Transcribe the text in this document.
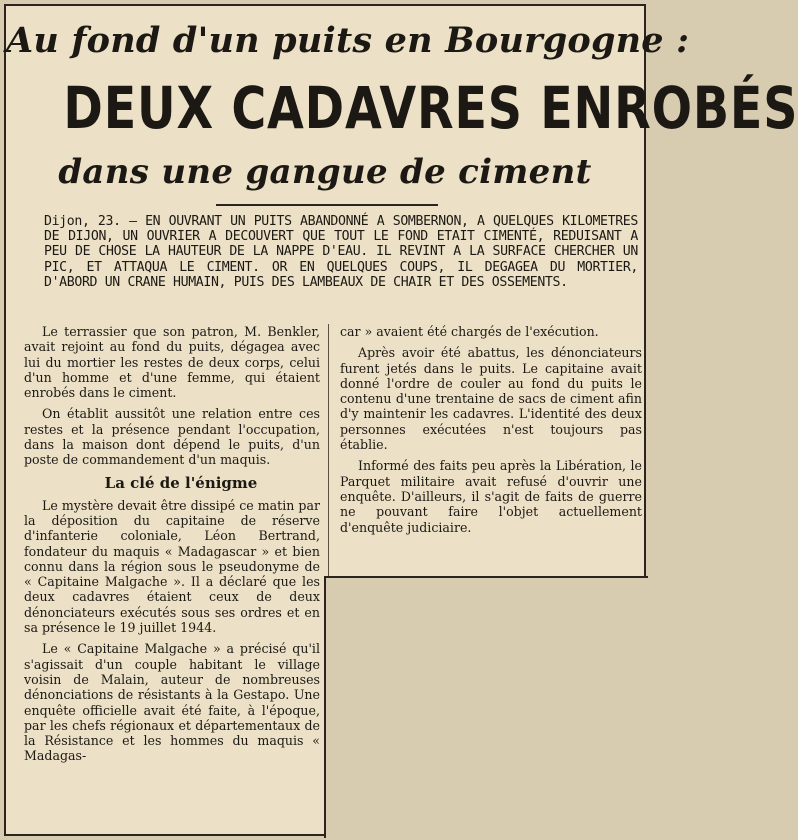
Au fond d'un puits en Bourgogne :
DEUX CADAVRES ENROBÉS
dans une gangue de ciment
Dijon, 23. — EN OUVRANT UN PUITS ABANDONNÉ A SOMBERNON, A QUELQUES KILOMETRES DE DIJON, UN OUVRIER A DECOUVERT QUE TOUT LE FOND ETAIT CIMENTÉ, REDUISANT A PEU DE CHOSE LA HAUTEUR DE LA NAPPE D'EAU. IL REVINT A LA SURFACE CHERCHER UN PIC, ET ATTAQUA LE CIMENT. OR EN QUELQUES COUPS, IL DEGAGEA DU MORTIER, D'ABORD UN CRANE HUMAIN, PUIS DES LAMBEAUX DE CHAIR ET DES OSSEMENTS.

Le terrassier que son patron, M. Benkler, avait rejoint au fond du puits, dégagea avec lui du mortier les restes de deux corps, celui d'un homme et d'une femme, qui étaient enrobés dans le ciment.

On établit aussitôt une relation entre ces restes et la présence pendant l'occupation, dans la maison dont dépend le puits, d'un poste de commandement d'un maquis.

La clé de l'énigme

Le mystère devait être dissipé ce matin par la déposition du capitaine de réserve d'infanterie coloniale, Léon Bertrand, fondateur du maquis « Madagascar » et bien connu dans la région sous le pseudonyme de « Capitaine Malgache ». Il a déclaré que les deux cadavres étaient ceux de deux dénonciateurs exécutés sous ses ordres et en sa présence le 19 juillet 1944.

Le « Capitaine Malgache » a précisé qu'il s'agissait d'un couple habitant le village voisin de Malain, auteur de nombreuses dénonciations de résistants à la Gestapo. Une enquête officielle avait été faite, à l'époque, par les chefs régionaux et départementaux de la Résistance et les hommes du maquis « Madagas-

car » avaient été chargés de l'exécution.

Après avoir été abattus, les dénonciateurs furent jetés dans le puits. Le capitaine avait donné l'ordre de couler au fond du puits le contenu d'une trentaine de sacs de ciment afin d'y maintenir les cadavres. L'identité des deux personnes exécutées n'est toujours pas établie.

Informé des faits peu après la Libération, le Parquet militaire avait refusé d'ouvrir une enquête. D'ailleurs, il s'agit de faits de guerre ne pouvant faire l'objet actuellement d'enquête judiciaire.
